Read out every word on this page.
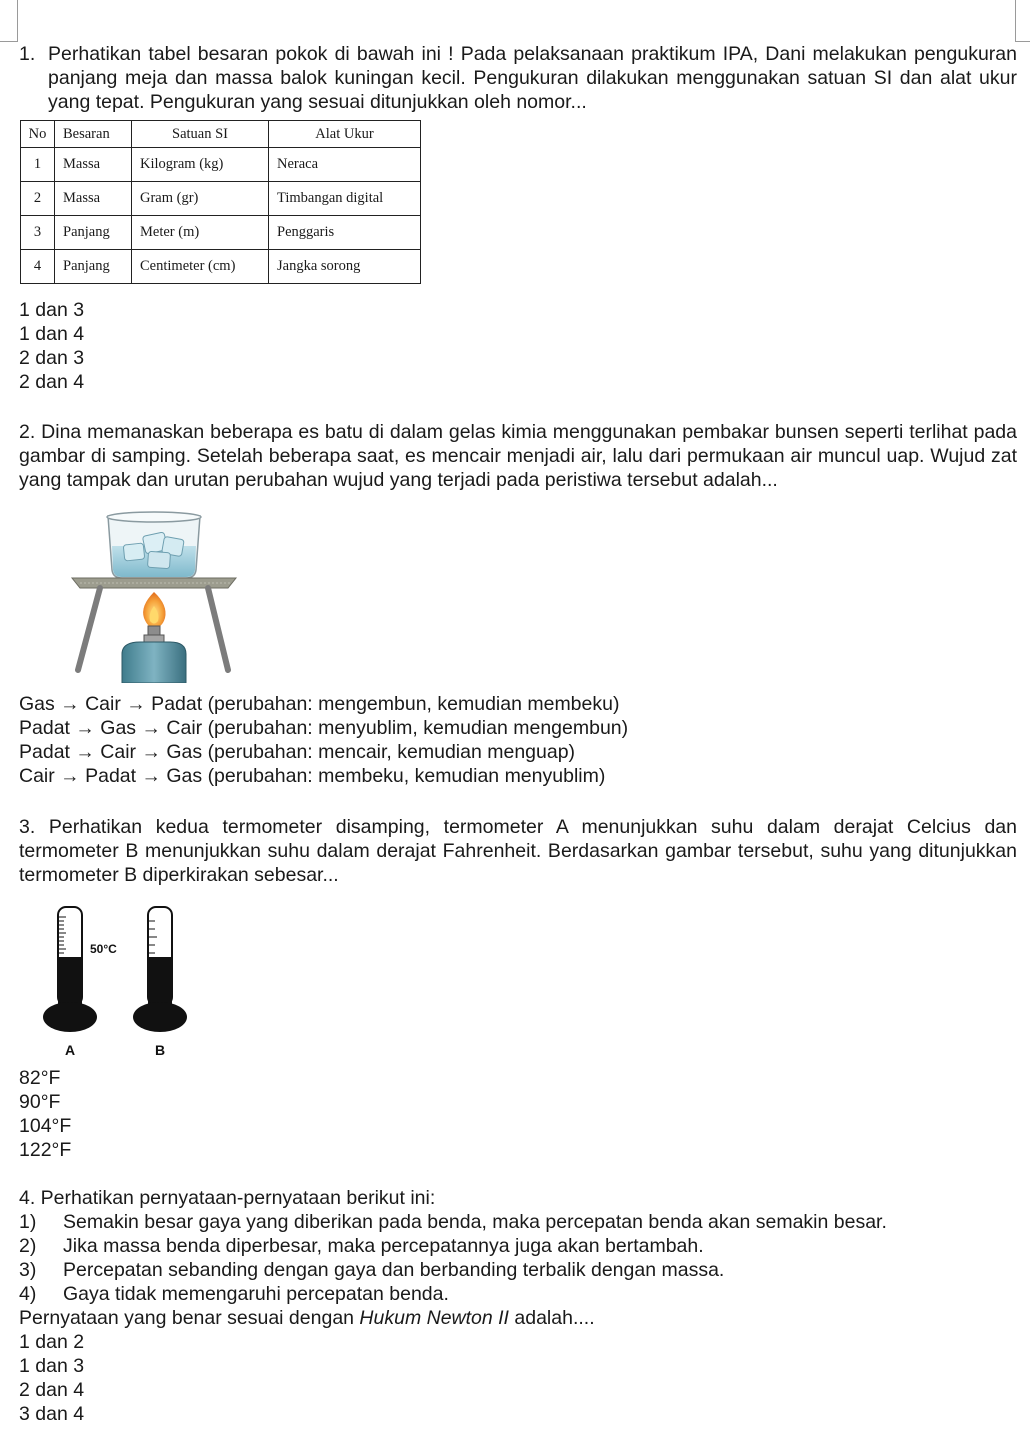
1. Perhatikan tabel besaran pokok di bawah ini ! Pada pelaksanaan praktikum IPA, Dani melakukan pengukuran panjang meja dan massa balok kuningan kecil. Pengukuran dilakukan menggunakan satuan SI dan alat ukur yang tepat. Pengukuran yang sesuai ditunjukkan oleh nomor...
No	Besaran	Satuan SI	Alat Ukur
1	Massa	Kilogram (kg)	Neraca
2	Massa	Gram (gr)	Timbangan digital
3	Panjang	Meter (m)	Penggaris
4	Panjang	Centimeter (cm)	Jangka sorong
1 dan 3
1 dan 4
2 dan 3
2 dan 4
2. Dina memanaskan beberapa es batu di dalam gelas kimia menggunakan pembakar bunsen seperti terlihat pada gambar di samping. Setelah beberapa saat, es mencair menjadi air, lalu dari permukaan air muncul uap. Wujud zat yang tampak dan urutan perubahan wujud yang terjadi pada peristiwa tersebut adalah...
Gas → Cair → Padat (perubahan: mengembun, kemudian membeku)
Padat → Gas → Cair (perubahan: menyublim, kemudian mengembun)
Padat → Cair → Gas (perubahan: mencair, kemudian menguap)
Cair → Padat → Gas (perubahan: membeku, kemudian menyublim)
3. Perhatikan kedua termometer disamping, termometer A menunjukkan suhu dalam derajat Celcius dan termometer B menunjukkan suhu dalam derajat Fahrenheit. Berdasarkan gambar tersebut, suhu yang ditunjukkan termometer B diperkirakan sebesar...
50°C
A	B
82°F
90°F
104°F
122°F
4. Perhatikan pernyataan-pernyataan berikut ini:
1) Semakin besar gaya yang diberikan pada benda, maka percepatan benda akan semakin besar.
2) Jika massa benda diperbesar, maka percepatannya juga akan bertambah.
3) Percepatan sebanding dengan gaya dan berbanding terbalik dengan massa.
4) Gaya tidak memengaruhi percepatan benda.
Pernyataan yang benar sesuai dengan Hukum Newton II adalah....
1 dan 2
1 dan 3
2 dan 4
3 dan 4
